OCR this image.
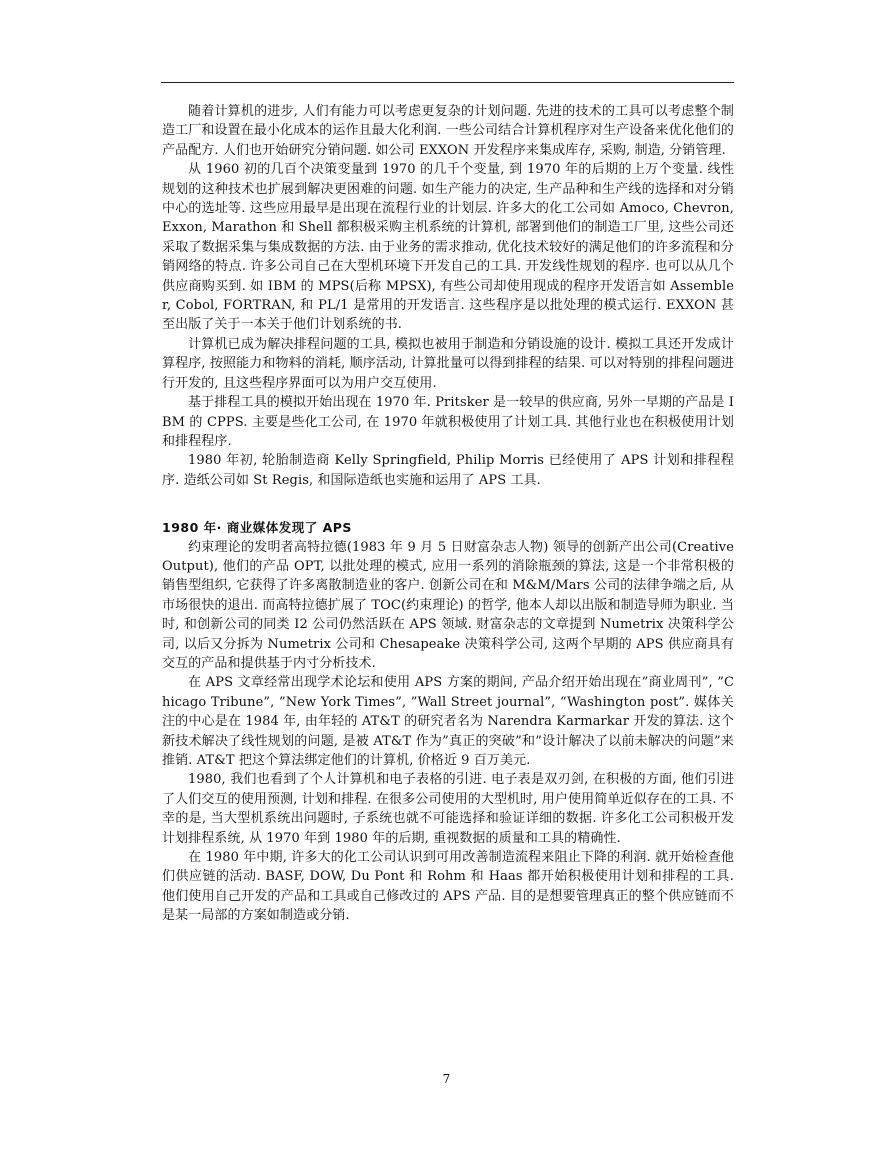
随着计算机的进步, 人们有能力可以考虑更复杂的计划问题. 先进的技术的工具可以考虑整个制造工厂和设置在最小化成本的运作且最大化利润. 一些公司结合计算机程序对生产设备来优化他们的产品配方. 人们也开始研究分销问题. 如公司 EXXON 开发程序来集成库存, 采购, 制造, 分销管理.

从 1960 初的几百个决策变量到 1970 的几千个变量, 到 1970 年的后期的上万个变量. 线性规划的这种技术也扩展到解决更困难的问题. 如生产能力的决定, 生产品种和生产线的选择和对分销中心的选址等. 这些应用最早是出现在流程行业的计划层. 许多大的化工公司如 Amoco, Chevron, Exxon, Marathon 和 Shell 都积极采购主机系统的计算机, 部署到他们的制造工厂里, 这些公司还采取了数据采集与集成数据的方法. 由于业务的需求推动, 优化技术较好的满足他们的许多流程和分销网络的特点. 许多公司自己在大型机环境下开发自己的工具. 开发线性规划的程序. 也可以从几个供应商购买到. 如 IBM 的 MPS(后称 MPSX), 有些公司却使用现成的程序开发语言如 Assembler, Cobol, FORTRAN, 和 PL/1 是常用的开发语言. 这些程序是以批处理的模式运行. EXXON 甚至出版了关于一本关于他们计划系统的书.

计算机已成为解决排程问题的工具, 模拟也被用于制造和分销设施的设计. 模拟工具还开发成计算程序, 按照能力和物料的消耗, 顺序活动, 计算批量可以得到排程的结果. 可以对特别的排程问题进行开发的, 且这些程序界面可以为用户交互使用.

基于排程工具的模拟开始出现在 1970 年. Pritsker 是一较早的供应商, 另外一早期的产品是 IBM 的 CPPS. 主要是些化工公司, 在 1970 年就积极使用了计划工具. 其他行业也在积极使用计划和排程程序.

1980 年初, 轮胎制造商 Kelly Springfield, Philip Morris 已经使用了 APS 计划和排程程序. 造纸公司如 St Regis, 和国际造纸也实施和运用了 APS 工具.

1980 年· 商业媒体发现了 APS

约束理论的发明者高特拉德(1983 年 9 月 5 日财富杂志人物) 领导的创新产出公司(Creative Output), 他们的产品 OPT, 以批处理的模式, 应用一系列的消除瓶颈的算法, 这是一个非常积极的销售型组织, 它获得了许多离散制造业的客户. 创新公司在和 M&M/Mars 公司的法律争端之后, 从市场很快的退出. 而高特拉德扩展了 TOC(约束理论) 的哲学, 他本人却以出版和制造导师为职业. 当时, 和创新公司的同类 I2 公司仍然活跃在 APS 领域. 财富杂志的文章提到 Numetrix 决策科学公司, 以后又分拆为 Numetrix 公司和 Chesapeake 决策科学公司, 这两个早期的 APS 供应商具有交互的产品和提供基于内寸分析技术.

在 APS 文章经常出现学术论坛和使用 APS 方案的期间, 产品介绍开始出现在”商业周刊”, ”Chicago Tribune”, ”New York Times”, ”Wall Street journal”, “Washington post”. 媒体关注的中心是在 1984 年, 由年轻的 AT&T 的研究者名为 Narendra Karmarkar 开发的算法. 这个新技术解决了线性规划的问题, 是被 AT&T 作为”真正的突破”和”设计解决了以前未解决的问题”来推销. AT&T 把这个算法绑定他们的计算机, 价格近 9 百万美元.

1980, 我们也看到了个人计算机和电子表格的引进. 电子表是双刃剑, 在积极的方面, 他们引进了人们交互的使用预测, 计划和排程. 在很多公司使用的大型机时, 用户使用简单近似存在的工具. 不幸的是, 当大型机系统出问题时, 子系统也就不可能选择和验证详细的数据. 许多化工公司积极开发计划排程系统, 从 1970 年到 1980 年的后期, 重视数据的质量和工具的精确性.

在 1980 年中期, 许多大的化工公司认识到可用改善制造流程来阻止下降的利润. 就开始检查他们供应链的活动. BASF, DOW, Du Pont 和 Rohm 和 Haas 都开始积极使用计划和排程的工具. 他们使用自己开发的产品和工具或自己修改过的 APS 产品. 目的是想要管理真正的整个供应链而不是某一局部的方案如制造或分销.

7
